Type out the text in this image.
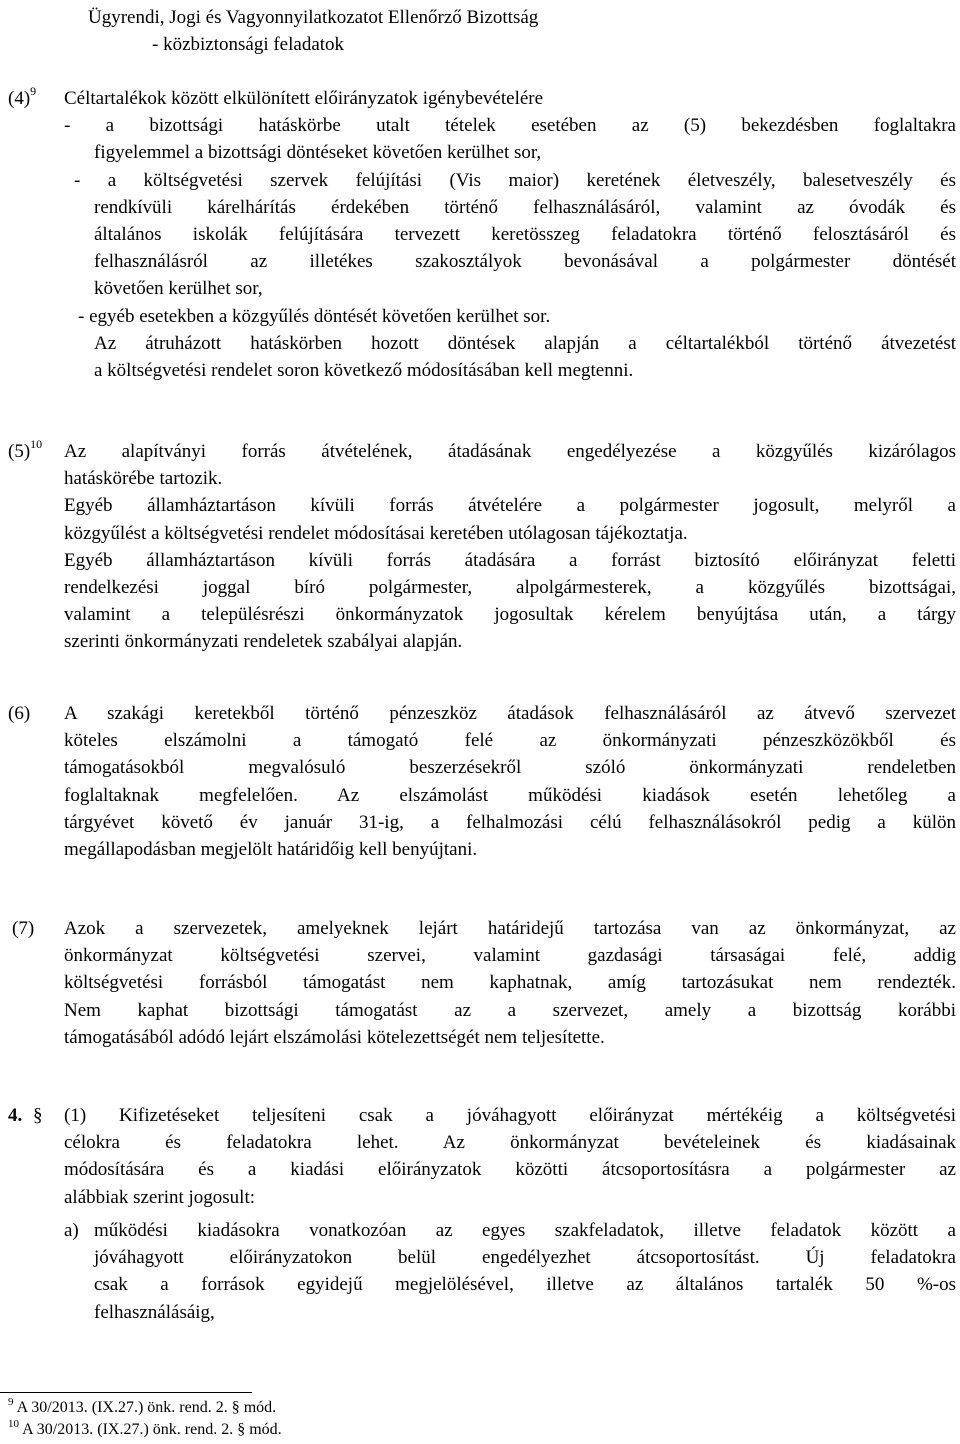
Ügyrendi, Jogi és Vagyonnyilatkozatot Ellenőrző Bizottság
- közbiztonsági feladatok
$(4)^9$ Céltartalékok között elkülönített előirányzatok igénybevételére
- a bizottsági hatáskörbe utalt tételek esetében az (5) bekezdésben foglaltakra
figyelemmel a bizottsági döntéseket követően kerülhet sor,
- a költségvetési szervek felújítási (Vis maior) keretének életveszély, balesetveszély és
rendkívüli kárelhárítás érdekében történő felhasználásáról, valamint az óvodák és
általános iskolák felújítására tervezett keretösszeg feladatokra történő felosztásáról és
felhasználásról az illetékes szakosztályok bevonásával a polgármester döntését
követően kerülhet sor,
- egyéb esetekben a közgyűlés döntését követően kerülhet sor.
Az átruházott hatáskörben hozott döntések alapján a céltartalékból történő átvezetést
a költségvetési rendelet soron következő módosításában kell megtenni.
$(5)^{10}$ Az alapítványi forrás átvételének, átadásának engedélyezése a közgyűlés kizárólagos
hatáskörébe tartozik.
Egyéb államháztartáson kívüli forrás átvételére a polgármester jogosult, melyről a
közgyűlést a költségvetési rendelet módosításai keretében utólagosan tájékoztatja.
Egyéb államháztartáson kívüli forrás átadására a forrást biztosító előirányzat feletti
rendelkezési joggal bíró polgármester, alpolgármesterek, a közgyűlés bizottságai,
valamint a településrészi önkormányzatok jogosultak kérelem benyújtása után, a tárgy
szerinti önkormányzati rendeletek szabályai alapján.
(6) A szakági keretekből történő pénzeszköz átadások felhasználásáról az átvevő szervezet
köteles elszámolni a támogató felé az önkormányzati pénzeszközökből és
támogatásokból megvalósuló beszerzésekről szóló önkormányzati rendeletben
foglaltaknak megfelelően. Az elszámolást működési kiadások esetén lehetőleg a
tárgyévet követő év január 31-ig, a felhalmozási célú felhasználásokról pedig a külön
megállapodásban megjelölt határidőig kell benyújtani.
(7) Azok a szervezetek, amelyeknek lejárt határidejű tartozása van az önkormányzat, az
önkormányzat költségvetési szervei, valamint gazdasági társaságai felé, addig
költségvetési forrásból támogatást nem kaphatnak, amíg tartozásukat nem rendezték.
Nem kaphat bizottsági támogatást az a szervezet, amely a bizottság korábbi
támogatásából adódó lejárt elszámolási kötelezettségét nem teljesítette.
4. § (1) Kifizetéseket teljesíteni csak a jóváhagyott előirányzat mértékéig a költségvetési
célokra és feladatokra lehet. Az önkormányzat bevételeinek és kiadásainak
módosítására és a kiadási előirányzatok közötti átcsoportosításra a polgármester az
alábbiak szerint jogosult:
a) működési kiadásokra vonatkozóan az egyes szakfeladatok, illetve feladatok között a
jóváhagyott előirányzatokon belül engedélyezhet átcsoportosítást. Új feladatokra
csak a források egyidejű megjelölésével, illetve az általános tartalék 50 %-os
felhasználásáig,
$^9$ A 30/2013. (IX.27.) önk. rend. 2. § mód.
$^{10}$ A 30/2013. (IX.27.) önk. rend. 2. § mód.
